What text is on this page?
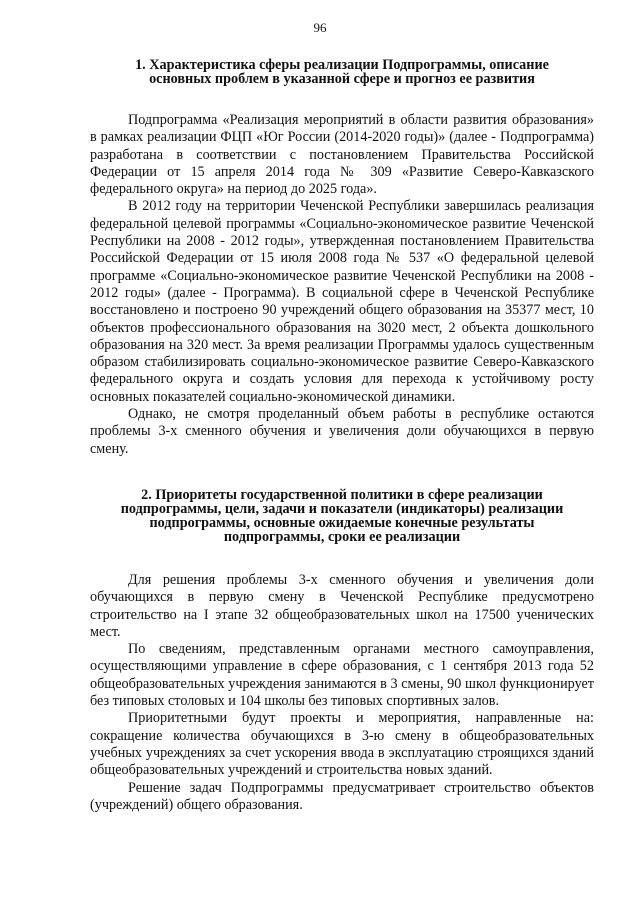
96
1. Характеристика сферы реализации Подпрограммы, описание
основных проблем в указанной сфере и прогноз ее развития

Подпрограмма «Реализация мероприятий в области развития образования» в рамках реализации ФЦП «Юг России (2014-2020 годы)» (далее - Подпрограмма) разработана в соответствии с постановлением Правительства Российской Федерации от 15 апреля 2014 года № 309 «Развитие Северо-Кавказского федерального округа» на период до 2025 года».

В 2012 году на территории Чеченской Республики завершилась реализация федеральной целевой программы «Социально-экономическое развитие Чеченской Республики на 2008 - 2012 годы», утвержденная постановлением Правительства Российской Федерации от 15 июля 2008 года № 537 «О федеральной целевой программе «Социально-экономическое развитие Чеченской Республики на 2008 - 2012 годы» (далее - Программа). В социальной сфере в Чеченской Республике восстановлено и построено 90 учреждений общего образования на 35377 мест, 10 объектов профессионального образования на 3020 мест, 2 объекта дошкольного образования на 320 мест. За время реализации Программы удалось существенным образом стабилизировать социально-экономическое развитие Северо-Кавказского федерального округа и создать условия для перехода к устойчивому росту основных показателей социально-экономической динамики.

Однако, не смотря проделанный объем работы в республике остаются проблемы 3-х сменного обучения и увеличения доли обучающихся в первую смену.

2. Приоритеты государственной политики в сфере реализации
подпрограммы, цели, задачи и показатели (индикаторы) реализации
подпрограммы, основные ожидаемые конечные результаты
подпрограммы, сроки ее реализации

Для решения проблемы 3-х сменного обучения и увеличения доли обучающихся в первую смену в Чеченской Республике предусмотрено строительство на I этапе 32 общеобразовательных школ на 17500 ученических мест.

По сведениям, представленным органами местного самоуправления, осуществляющими управление в сфере образования, с 1 сентября 2013 года 52 общеобразовательных учреждения занимаются в 3 смены, 90 школ функционирует без типовых столовых и 104 школы без типовых спортивных залов.

Приоритетными будут проекты и мероприятия, направленные на: сокращение количества обучающихся в 3-ю смену в общеобразовательных учебных учреждениях за счет ускорения ввода в эксплуатацию строящихся зданий общеобразовательных учреждений и строительства новых зданий.

Решение задач Подпрограммы предусматривает строительство объектов (учреждений) общего образования.
